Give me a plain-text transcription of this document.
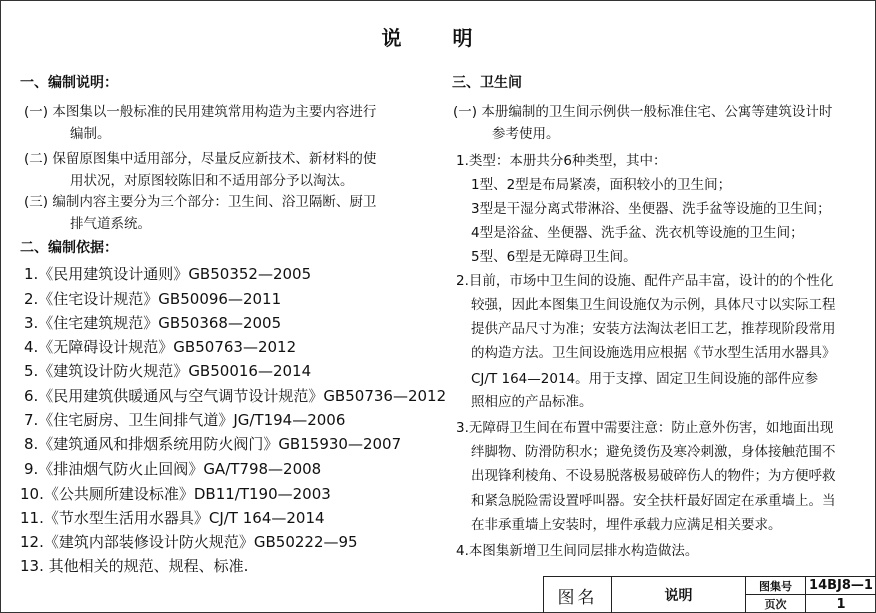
说 明
一、编制说明：
(一) 本图集以一般标准的民用建筑常用构造为主要内容进行
编制。
(二) 保留原图集中适用部分，尽量反应新技术、新材料的使
用状况，对原图较陈旧和不适用部分予以淘汰。
(三) 编制内容主要分为三个部分：卫生间、浴卫隔断、厨卫
排气道系统。
二、编制依据：
1.《民用建筑设计通则》GB50352—2005
2.《住宅设计规范》GB50096—2011
3.《住宅建筑规范》GB50368—2005
4.《无障碍设计规范》GB50763—2012
5.《建筑设计防火规范》GB50016—2014
6.《民用建筑供暖通风与空气调节设计规范》GB50736—2012
7.《住宅厨房、卫生间排气道》JG/T194—2006
8.《建筑通风和排烟系统用防火阀门》GB15930—2007
9.《排油烟气防火止回阀》GA/T798—2008
10.《公共厕所建设标准》DB11/T190—2003
11.《节水型生活用水器具》CJ/T 164—2014
12.《建筑内部装修设计防火规范》GB50222—95
13. 其他相关的规范、规程、标准.
三、卫生间
(一) 本册编制的卫生间示例供一般标准住宅、公寓等建筑设计时
参考使用。
1.类型：本册共分6种类型，其中：
1型、2型是布局紧凑，面积较小的卫生间；
3型是干湿分离式带淋浴、坐便器、洗手盆等设施的卫生间；
4型是浴盆、坐便器、洗手盆、洗衣机等设施的卫生间；
5型、6型是无障碍卫生间。
2.目前，市场中卫生间的设施、配件产品丰富，设计的的个性化
较强，因此本图集卫生间设施仅为示例，具体尺寸以实际工程
提供产品尺寸为准；安装方法淘汰老旧工艺，推荐现阶段常用
的构造方法。卫生间设施选用应根据《节水型生活用水器具》
CJ/T 164—2014。用于支撑、固定卫生间设施的部件应参
照相应的产品标准。
3.无障碍卫生间在布置中需要注意：防止意外伤害，如地面出现
绊脚物、防滑防积水；避免烫伤及寒冷刺激，身体接触范围不
出现锋利棱角、不设易脱落极易破碎伤人的物件；为方便呼救
和紧急脱险需设置呼叫器。安全扶杆最好固定在承重墙上。当
在非承重墙上安装时，埋件承载力应满足相关要求。
4.本图集新增卫生间同层排水构造做法。
图名	说明
图集号	14BJ8—1
页次	1
